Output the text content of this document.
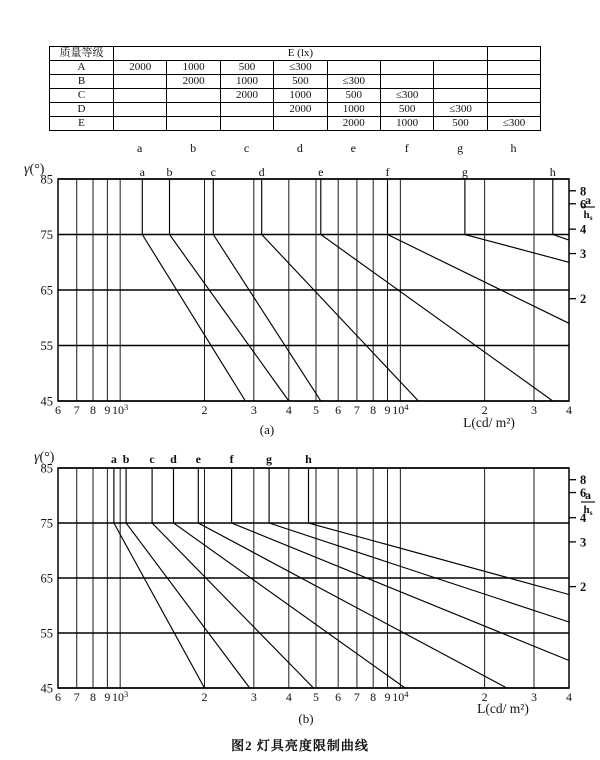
质量等级	E (lx)							
A	2000	1000	500	≤300				
B		2000	1000	500	≤300			
C			2000	1000	500	≤300		
D				2000	1000	500	≤300	
E					2000	1000	500	≤300
a b	c	d	e	f	g	h
85
75
65
55
45
6 7 8 9 $10^3$	2	3 4 5 6 7 8 9 $10^4$	2	3 4
γ(°)
L(cd/ m²)
8
6
4
3
2
a
hs
(a)
a b c d e f	g	h
85
75
65
55
45
6 7 8 9 $10^3$	2	3 4 5 6 7 8 9 $10^4$	2	3 4
γ(°)
L(cd/ m²)
8
6
4
3
2
a
hs
(b)
a	b	c	d	e	f	g	h
图2 灯具亮度限制曲线
